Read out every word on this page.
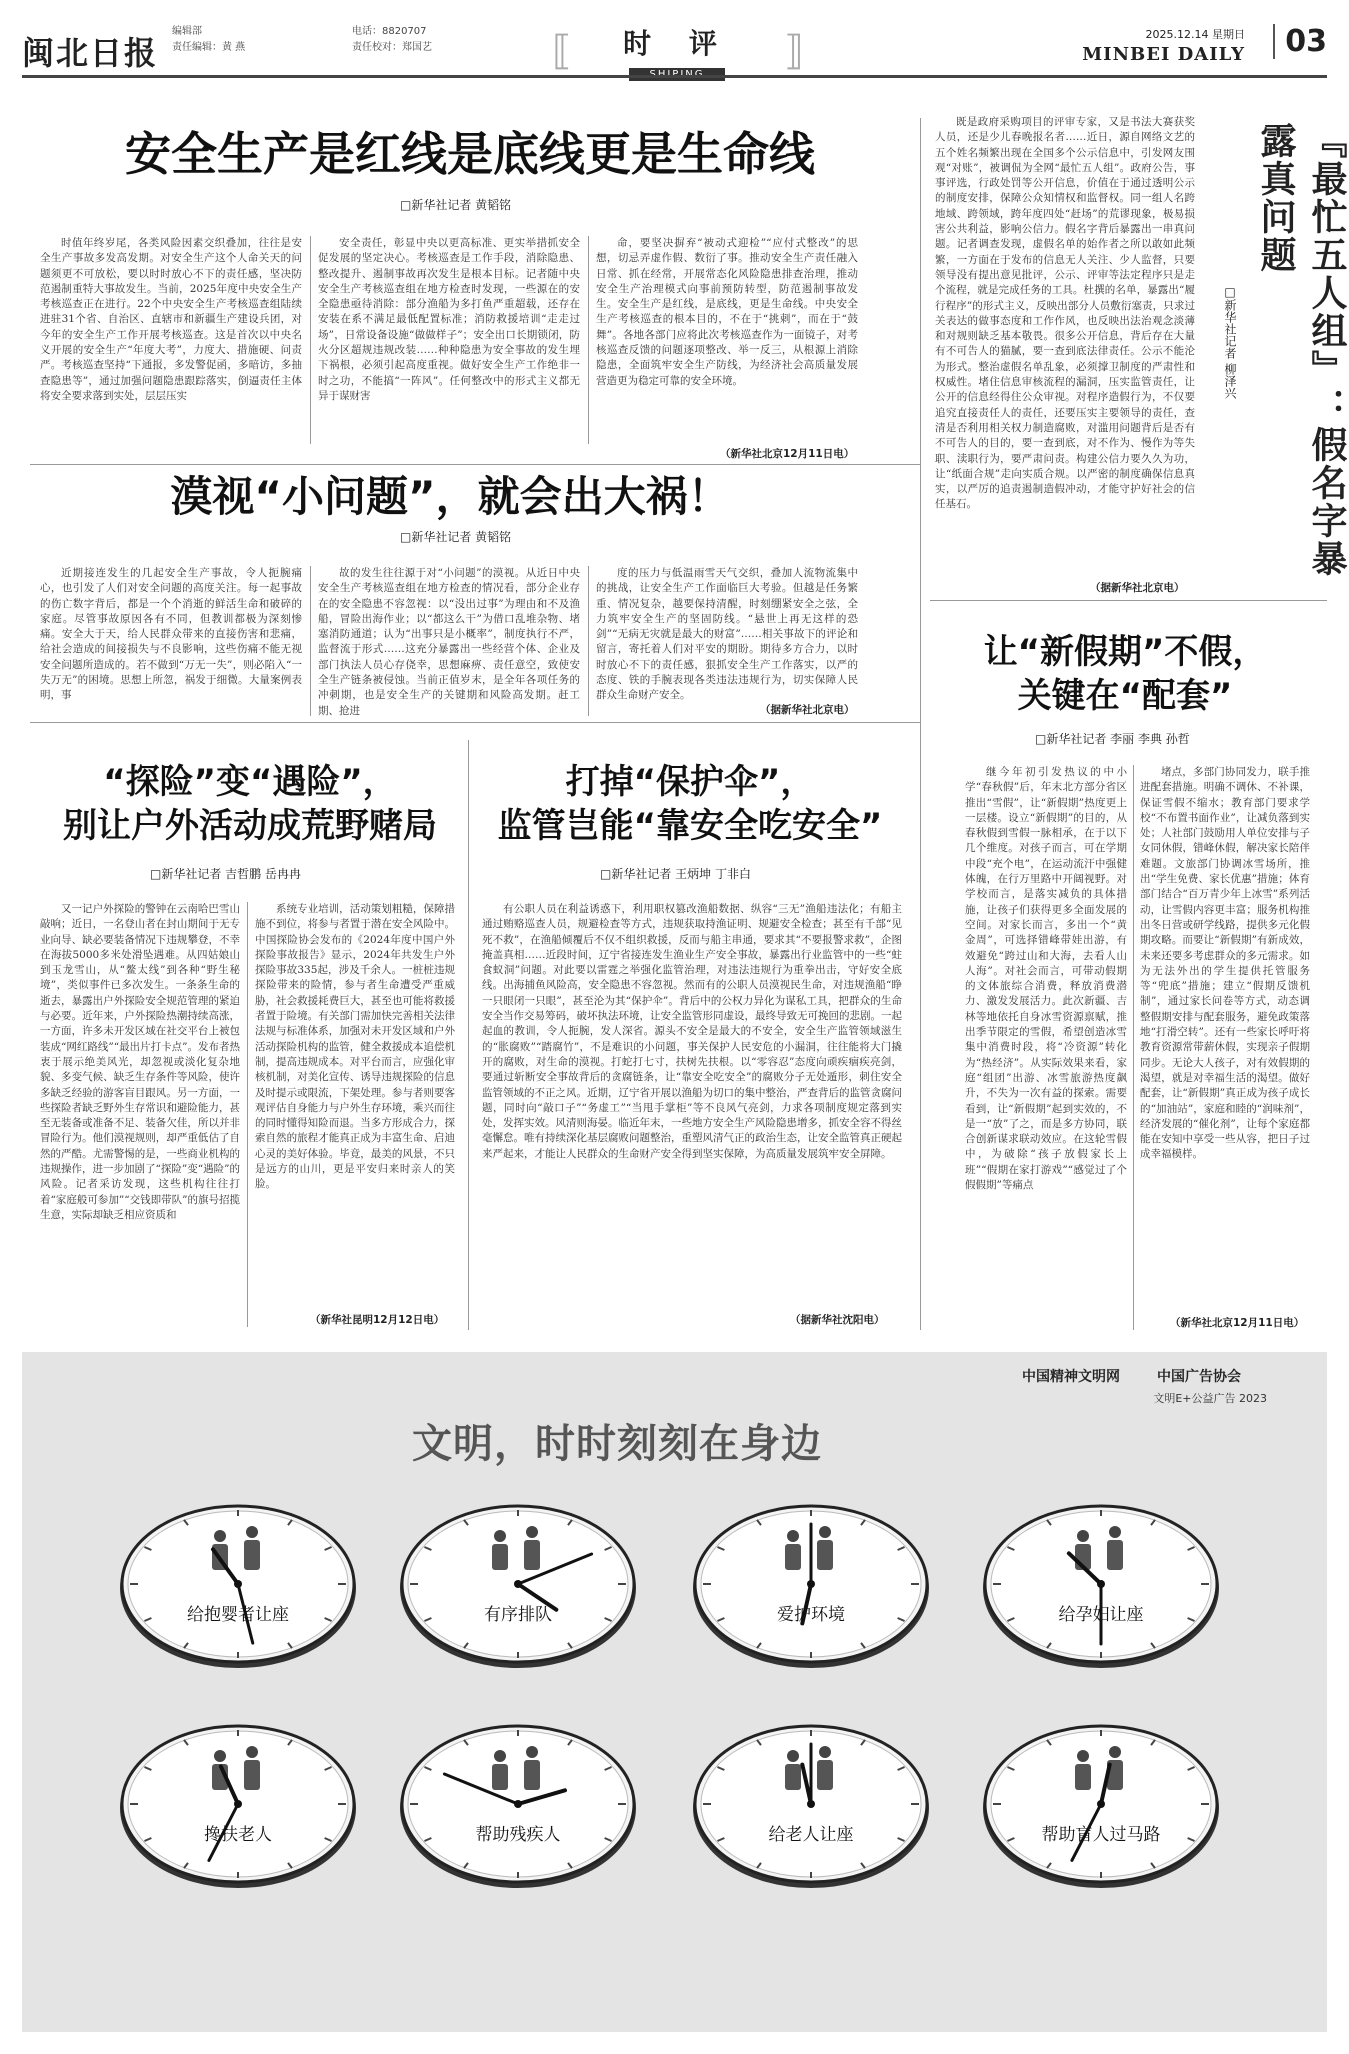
闽北日报
编辑部	电话：8820707
责任编辑：黄 燕	责任校对：郑国艺	⟦	时 评	⟧	2025.12.14 星期日
MINBEI DAILY	03
安全生产是红线是底线更是生命线
□新华社记者 黄韬铭
时值年终岁尾，各类风险因素交织叠加，往往是安全生产事故多发高发期。对安全生产这个人命关天的问题须更不可放松，要以时时放心不下的责任感，坚决防范遏制重特大事故发生。当前，2025年度中央安全生产考核巡查正在进行。22个中央安全生产考核巡查组陆续进驻31个省、自治区、直辖市和新疆生产建设兵团，对今年的安全生产工作开展考核巡查。这是首次以中央名义开展的安全生产“年度大考”，力度大、措施硬、问责严。考核巡查坚持“下通报，多发警促函，多暗访，多抽查隐患等”，通过加强问题隐患跟踪落实，倒逼责任主体将安全要求落到实处，层层压实
安全责任，彰显中央以更高标准、更实举措抓安全促发展的坚定决心。考核巡查是工作手段，消除隐患、整改提升、遏制事故再次发生是根本目标。记者随中央安全生产考核巡查组在地方检查时发现，一些源在的安全隐患亟待消除：部分渔船为多打鱼严重超载，还存在安装在系不满足最低配置标准；消防救援培训“走走过场”，日常设备设施“做做样子”；安全出口长期锁闭，防火分区超规违规改装……种种隐患为安全事故的发生埋下祸根，必须引起高度重视。做好安全生产工作绝非一时之功，不能搞“一阵风”。任何整改中的形式主义都无异于谋财害
命，要坚决摒弃“被动式迎检”“应付式整改”的思想，切忌弄虚作假、数衍了事。推动安全生产责任融入日常、抓在经常，开展常态化风险隐患排查治理，推动安全生产治理模式向事前预防转型，防范遏制事故发生。安全生产是红线，是底线，更是生命线。中央安全生产考核巡查的根本目的，不在于“挑刺”，而在于“鼓舞”。各地各部门应将此次考核巡查作为一面镜子，对考核巡查反馈的问题逐项整改、举一反三，从根源上消除隐患，全面筑牢安全生产防线，为经济社会高质量发展营造更为稳定可靠的安全环境。
（新华社北京12月11日电）
漠视“小问题”，就会出大祸！
□新华社记者 黄韬铭
近期接连发生的几起安全生产事故，令人扼腕痛心，也引发了人们对安全问题的高度关注。每一起事故的伤亡数字背后，都是一个个消逝的鲜活生命和破碎的家庭。尽管事故原因各有不同，但教训都极为深刻惨痛。安全大于天，给人民群众带来的直接伤害和悲痛，给社会造成的间接损失与不良影响，这些伤痛不能无视安全问题所造成的。若不做到“万无一失”，则必陷入“一失万无”的困境。思想上所忽，祸发于细微。大量案例表明，事
故的发生往往源于对“小问题”的漠视。从近日中央安全生产考核巡查组在地方检查的情况看，部分企业存在的安全隐患不容忽视：以“没出过事”为理由和不及渔船，冒险出海作业；以“都这么干”为借口乱堆杂物、堵塞消防通道；认为“出事只是小概率”，制度执行不严，监督流于形式……这充分暴露出一些经营个体、企业及部门执法人员心存侥幸，思想麻痹、责任意空，致使安全生产链条被侵蚀。当前正值岁末，是全年各项任务的冲刺期，也是安全生产的关键期和风险高发期。赶工期、抢进
度的压力与低温雨雪天气交织，叠加人流物流集中的挑战，让安全生产工作面临巨大考验。但越是任务繁重、情况复杂，越要保持清醒，时刻绷紧安全之弦，全力筑牢安全生产的坚固防线。“悬世上再无这样的恐剑”“无病无灾就是最大的财富”……相关事故下的评论和留言，寄托着人们对平安的期盼。期待多方合力，以时时放心不下的责任感，狠抓安全生产工作落实，以严的态度、铁的手腕表现各类违法违规行为，切实保障人民群众生命财产安全。
（据新华社北京电）
“探险”变“遇险”，
别让户外活动成荒野赌局
□新华社记者 吉哲鹏 岳冉冉
又一记户外探险的警钟在云南哈巴雪山敲响；近日，一名登山者在封山期间于无专业向导、缺必要装备情况下违规攀登，不幸在海拔5000多米处滑坠遇难。从四姑娘山到玉龙雪山，从“鳌太线”到各种“野生秘境”，类似事件已多次发生。一条条生命的逝去，暴露出户外探险安全规范管理的紧迫与必要。近年来，户外探险热潮持续高涨，一方面，许多未开发区域在社交平台上被包装成“网红路线”“最出片打卡点”。发布者热衷于展示绝美风光，却忽视或淡化复杂地貌、多变气候、缺乏生存条件等风险，使许多缺乏经验的游客盲目跟风。另一方面，一些探险者缺乏野外生存常识和避险能力，甚至无装备或准备不足、装备欠佳，所以并非冒险行为。他们漠视规则，却严重低估了自然的严酷。尤需警惕的是，一些商业机构的违规操作，进一步加剧了“探险”变“遇险”的风险。记者采访发现，这些机构往往打着“家庭般可参加”“交钱即带队”的旗号招揽生意，实际却缺乏相应资质和
系统专业培训，活动策划粗糙，保障措施不到位，将参与者置于潜在安全风险中。中国探险协会发布的《2024年度中国户外探险事故报告》显示，2024年共发生户外探险事故335起，涉及千余人。一桩桩违规探险带来的险情，参与者生命遭受严重威胁，社会救援耗费巨大，甚至也可能将救援者置于险境。有关部门需加快完善相关法律法规与标准体系，加强对未开发区域和户外活动探险机构的监管，健全救援成本追偿机制，提高违规成本。对平台而言，应强化审核机制，对美化宣传、诱导违规探险的信息及时提示或限流，下架处理。参与者则要客观评估自身能力与户外生存环境，乘兴而往的同时懂得知险而退。当多方形成合力，探索自然的旅程才能真正成为丰富生命、启迪心灵的美好体验。毕竟，最美的风景，不只是远方的山川，更是平安归来时亲人的笑脸。
（新华社昆明12月12日电）
打掉“保护伞”，
监管岂能“靠安全吃安全”
□新华社记者 王炳坤 丁非白
有公职人员在利益诱惑下，利用职权篡改渔船数据、纵容“三无”渔船违法化；有船主通过贿赂巡查人员，规避检查等方式，违规获取持渔证明、规避安全检查；甚至有千部“见死不救”，在渔船倾覆后不仅不组织救援，反而与船主串通，要求其“不要报警求救”，企图掩盖真相……近段时间，辽宁省接连发生渔业生产安全事故，暴露出行业监管中的一些“蛀食蚁洞”问题。对此要以雷霆之举强化监管治理，对违法违规行为重拳出击，守好安全底线。出海捕鱼风险高，安全隐患不容忽视。然而有的公职人员漠视民生命，对违规渔船“睁一只眼闭一只眼”，甚至沦为其“保护伞”。背后中的公权力异化为谋私工具，把群众的生命安全当作交易筹码，破坏执法环境，让安全监管形同虚设，最终导致无可挽回的悲剧。一起起血的教训，令人扼腕，发人深省。源头不安全是最大的不安全，安全生产监管领域滋生的“胀腐败”“踏腐竹”，不是难识的小问题，事关保护人民安危的小漏洞，往往能将大门撬开的腐败，对生命的漠视。打蛇打七寸，扶树先扶根。以“零容忍”态度向顽疾痼疾亮剑，要通过斩断安全事故背后的贪腐链条，让“靠安全吃安全”的腐败分子无处遁形，刺住安全监管领域的不正之风。近期，辽宁省开展以渔船为切口的集中整治，严查背后的监管贪腐问题，同时向“敲口子”“务虚工”“当甩手掌柜”等不良风气亮剑，力求各项制度规定落到实处，发挥实效。风清则海晏。临近年末，一些地方安全生产风险隐患增多，抓安全容不得丝毫懈怠。唯有持续深化基层腐败问题整治，重塑风清气正的政治生态，让安全监管真正硬起来严起来，才能让人民群众的生命财产安全得到坚实保障，为高质量发展筑牢安全屏障。
（据新华社沈阳电）
既是政府采购项目的评审专家，又是书法大赛获奖人员，还是少儿春晚报名者……近日，源自网络文艺的五个姓名频繁出现在全国多个公示信息中，引发网友围观“对账”，被调侃为全网“最忙五人组”。政府公告，事事评选，行政处罚等公开信息，价值在于通过透明公示的制度安排，保障公众知情权和监督权。同一组人名跨地域、跨领域，跨年度四处“赶场”的荒谬现象，极易损害公共利益，影响公信力。假名字背后暴露出一串真问题。记者调查发现，虚假名单的始作者之所以敢如此频繁，一方面在于发布的信息无人关注、少人监督，只要领导没有提出意见批评，公示、评审等法定程序只是走个流程，就是完成任务的工具。杜撰的名单，暴露出“履行程序”的形式主义，反映出部分人员敷衍塞责，只求过关表达的做事态度和工作作风，也反映出法治观念淡薄和对规则缺乏基本敬畏。很多公开信息，背后存在大量有不可告人的猫腻，要一查到底法律责任。公示不能沦为形式。整治虚假名单乱象，必须撑卫制度的严肃性和权威性。堵住信息审核流程的漏洞，压实监管责任，让公开的信息经得住公众审视。对程序造假行为，不仅要追究直接责任人的责任，还要压实主要领导的责任，查清是否利用相关权力制造腐败，对滥用问题背后是否有不可告人的目的，要一查到底，对不作为、慢作为等失职、渎职行为，要严肃问责。构建公信力要久久为功，让“纸面合规”走向实质合规。以严密的制度确保信息真实，以严厉的追责遏制造假冲动，才能守护好社会的信任基石。
（据新华社北京电）
『最忙五人组』：假名字暴露真问题
□新华社记者 柳泽兴
让“新假期”不假，
关键在“配套”
□新华社记者 李丽 李典 孙哲
继今年初引发热议的中小学“春秋假”后，年末北方部分省区推出“雪假”，让“新假期”热度更上一层楼。设立“新假期”的目的，从春秋假到雪假一脉相承，在于以下几个维度。对孩子而言，可在学期中段“充个电”，在运动流汗中强健体魄，在行万里路中开阔视野。对学校而言，是落实减负的具体措施，让孩子们获得更多全面发展的空间。对家长而言，多出一个“黄金周”，可选择错峰带娃出游，有效避免“跨过山和大海，去看人山人海”。对社会而言，可带动假期的文体旅综合消费，释放消费潜力、激发发展活力。此次新疆、吉林等地依托自身冰雪资源禀赋，推出季节限定的雪假，希望创造冰雪集中消费时段，将“冷资源”转化为“热经济”。从实际效果来看，家庭“组团”出游、冰雪旅游热度飙升，不失为一次有益的探索。需要看到，让“新假期”起到实效的，不是一“放”了之，而是多方协同，联合创新谋求联动效应。在这轮雪假中，为破除“孩子放假家长上班”“假期在家打游戏”“感觉过了个假假期”等痛点
堵点，多部门协同发力，联手推进配套措施。明确不调休、不补课，保证雪假不缩水；教育部门要求学校“不布置书面作业”，让减负落到实处；人社部门鼓励用人单位安排与子女同休假，错峰休假，解决家长陪伴难题。文旅部门协调冰雪场所，推出“学生免费、家长优惠”措施；体育部门结合“百万青少年上冰雪”系列活动，让雪假内容更丰富；服务机构推出冬日营或研学线路，提供多元化假期攻略。而要让“新假期”有新成效，未来还要多考虑群众的多元需求。如为无法外出的学生提供托管服务等“兜底”措施；建立“假期反馈机制”，通过家长问卷等方式，动态调整假期安排与配套服务，避免政策落地“打滑空转”。还有一些家长呼吁将教育资源常带薪休假，实现亲子假期同步。无论大人孩子，对有效假期的渴望，就是对幸福生活的渴望。做好配套，让“新假期”真正成为孩子成长的“加油站”，家庭和睦的“润味剂”，经济发展的“催化剂”，让每个家庭都能在安知中享受一些从容，把日子过成幸福模样。
（新华社北京12月11日电）
中国精神文明网	中国广告协会
文明E+公益广告 2023
文明，时时刻刻在身边
给抱婴者让座	有序排队	爱护环境	给孕妇让座
搀扶老人	帮助残疾人	给老人让座	帮助盲人过马路
